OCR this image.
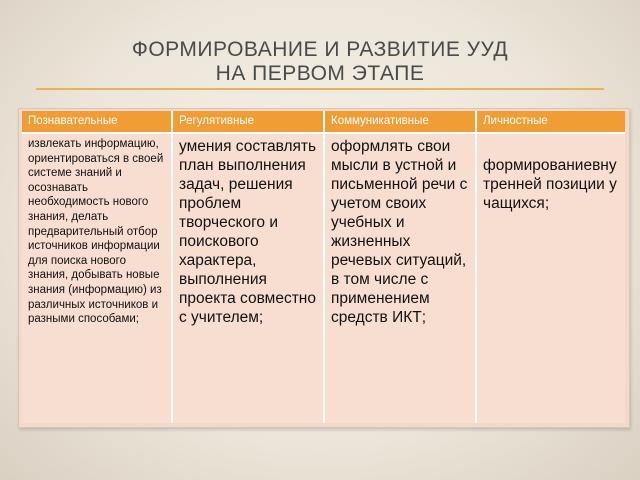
ФОРМИРОВАНИЕ И РАЗВИТИЕ УУД
НА ПЕРВОМ ЭТАПЕ
Познавательные	Регулятивные	Коммуникативные	Личностные
извлекать информацию, ориентироваться в своей системе знаний и осознавать необходимость нового знания, делать предварительный отбор источников информации для поиска нового знания, добывать новые знания (информацию) из различных источников и разными способами;	умения составлять план выполнения задач, решения проблем творческого и поискового характера, выполнения проекта совместно с учителем;	оформлять свои мысли в устной и письменной речи с учетом своих учебных и жизненных речевых ситуаций, в том числе с применением средств ИКТ;	формированиевнутренней позиции учащихся;
